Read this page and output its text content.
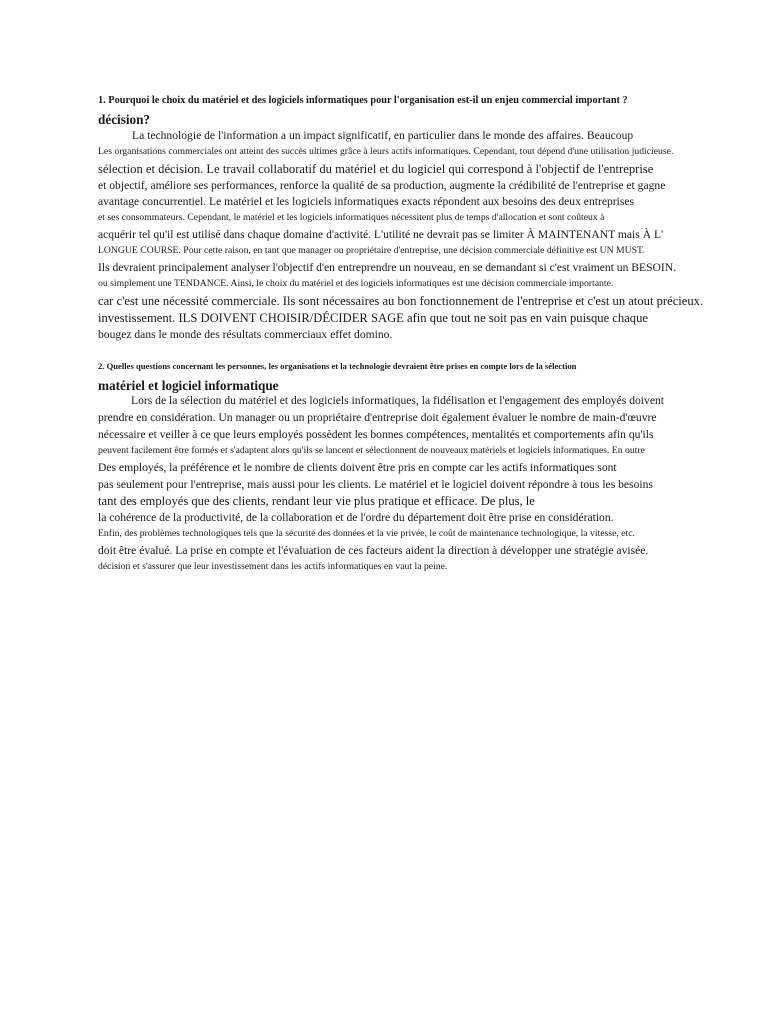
1. Pourquoi le choix du matériel et des logiciels informatiques pour l'organisation est-il un enjeu commercial important ?
décision?
La technologie de l'information a un impact significatif, en particulier dans le monde des affaires. Beaucoup
Les organisations commerciales ont atteint des succès ultimes grâce à leurs actifs informatiques. Cependant, tout dépend d'une utilisation judicieuse.
sélection et décision. Le travail collaboratif du matériel et du logiciel qui correspond à l'objectif de l'entreprise
et objectif, améliore ses performances, renforce la qualité de sa production, augmente la crédibilité de l'entreprise et gagne
avantage concurrentiel. Le matériel et les logiciels informatiques exacts répondent aux besoins des deux entreprises
et ses consommateurs. Cependant, le matériel et les logiciels informatiques nécessitent plus de temps d'allocation et sont coûteux à
acquérir tel qu'il est utilisé dans chaque domaine d'activité. L'utilité ne devrait pas se limiter À MAINTENANT mais À L'
LONGUE COURSE. Pour cette raison, en tant que manager ou propriétaire d'entreprise, une décision commerciale définitive est UN MUST.
Ils devraient principalement analyser l'objectif d'en entreprendre un nouveau, en se demandant si c'est vraiment un BESOIN.
ou simplement une TENDANCE. Ainsi, le choix du matériel et des logiciels informatiques est une décision commerciale importante.
car c'est une nécessité commerciale. Ils sont nécessaires au bon fonctionnement de l'entreprise et c'est un atout précieux.
investissement. ILS DOIVENT CHOISIR/DÉCIDER SAGE afin que tout ne soit pas en vain puisque chaque
bougez dans le monde des résultats commerciaux effet domino.
2. Quelles questions concernant les personnes, les organisations et la technologie devraient être prises en compte lors de la sélection
matériel et logiciel informatique
Lors de la sélection du matériel et des logiciels informatiques, la fidélisation et l'engagement des employés doivent
prendre en considération. Un manager ou un propriétaire d'entreprise doit également évaluer le nombre de main-d'œuvre
nécessaire et veiller à ce que leurs employés possèdent les bonnes compétences, mentalités et comportements afin qu'ils
peuvent facilement être formés et s'adaptent alors qu'ils se lancent et sélectionnent de nouveaux matériels et logiciels informatiques. En outre
Des employés, la préférence et le nombre de clients doivent être pris en compte car les actifs informatiques sont
pas seulement pour l'entreprise, mais aussi pour les clients. Le matériel et le logiciel doivent répondre à tous les besoins
tant des employés que des clients, rendant leur vie plus pratique et efficace. De plus, le
la cohérence de la productivité, de la collaboration et de l'ordre du département doit être prise en considération.
Enfin, des problèmes technologiques tels que la sécurité des données et la vie privée, le coût de maintenance technologique, la vitesse, etc.
doit être évalué. La prise en compte et l'évaluation de ces facteurs aident la direction à développer une stratégie avisée.
décision et s'assurer que leur investissement dans les actifs informatiques en vaut la peine.
